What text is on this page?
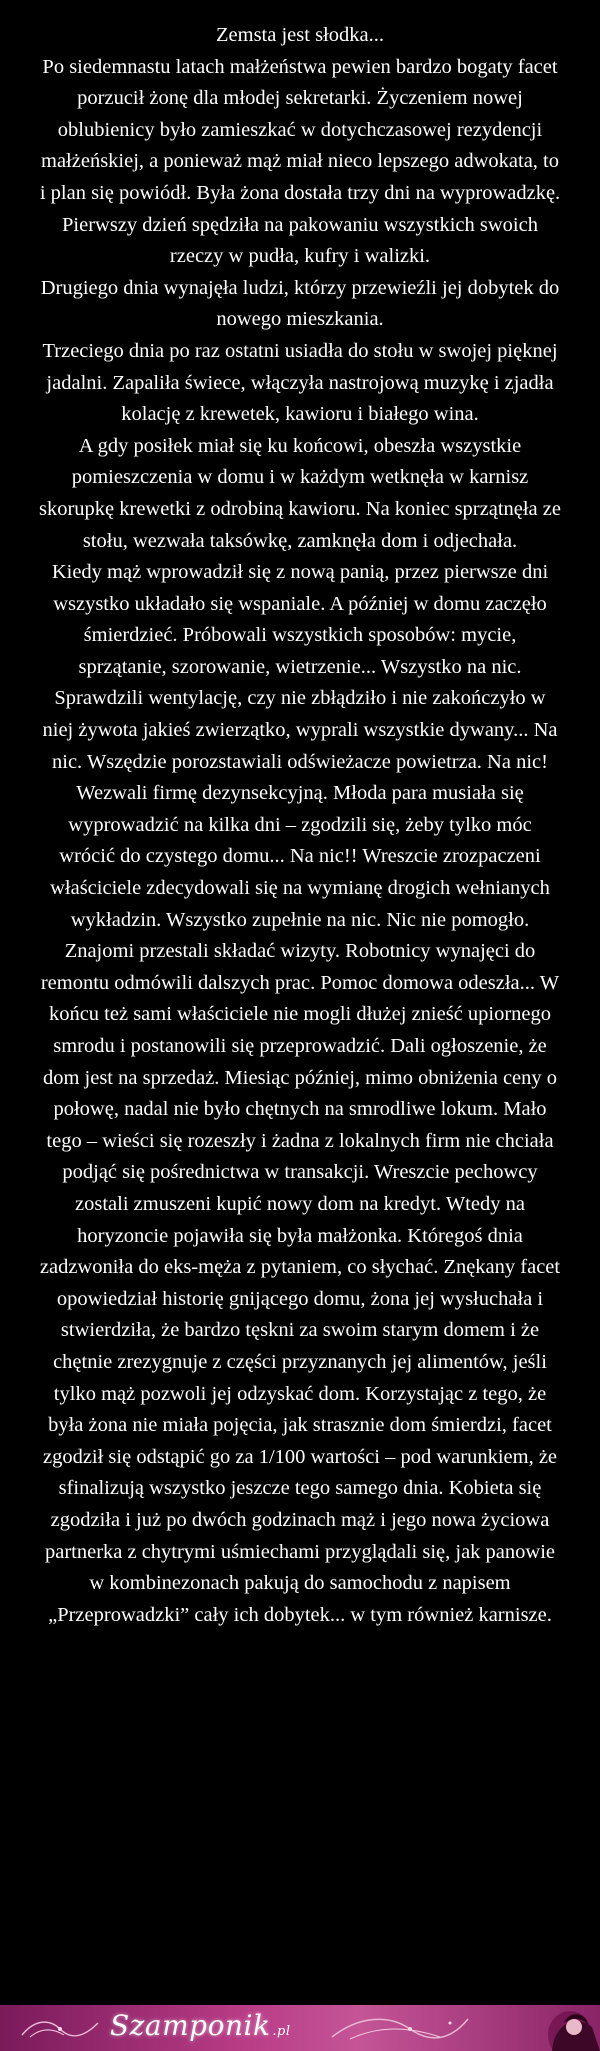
Zemsta jest słodka...

Po siedemnastu latach małżeństwa pewien bardzo bogaty facet porzucił żonę dla młodej sekretarki. Życzeniem nowej oblubienicy było zamieszkać w dotychczasowej rezydencji małżeńskiej, a ponieważ mąż miał nieco lepszego adwokata, to i plan się powiódł. Była żona dostała trzy dni na wyprowadzkę.

Pierwszy dzień spędziła na pakowaniu wszystkich swoich rzeczy w pudła, kufry i walizki.

Drugiego dnia wynajęła ludzi, którzy przewieźli jej dobytek do nowego mieszkania.

Trzeciego dnia po raz ostatni usiadła do stołu w swojej pięknej jadalni. Zapaliła świece, włączyła nastrojową muzykę i zjadła kolację z krewetek, kawioru i białego wina.

A gdy posiłek miał się ku końcowi, obeszła wszystkie pomieszczenia w domu i w każdym wetknęła w karnisz skorupkę krewetki z odrobiną kawioru. Na koniec sprzątnęła ze stołu, wezwała taksówkę, zamknęła dom i odjechała.

Kiedy mąż wprowadził się z nową panią, przez pierwsze dni wszystko układało się wspaniale. A później w domu zaczęło śmierdzieć. Próbowali wszystkich sposobów: mycie, sprzątanie, szorowanie, wietrzenie... Wszystko na nic. Sprawdzili wentylację, czy nie zbłądziło i nie zakończyło w niej żywota jakieś zwierzątko, wyprali wszystkie dywany... Na nic. Wszędzie porozstawiali odświeżacze powietrza. Na nic! Wezwali firmę dezynsekcyjną. Młoda para musiała się wyprowadzić na kilka dni – zgodzili się, żeby tylko móc wrócić do czystego domu... Na nic!! Wreszcie zrozpaczeni właściciele zdecydowali się na wymianę drogich wełnianych wykładzin. Wszystko zupełnie na nic. Nic nie pomogło. Znajomi przestali składać wizyty. Robotnicy wynajęci do remontu odmówili dalszych prac. Pomoc domowa odeszła... W końcu też sami właściciele nie mogli dłużej znieść upiornego smrodu i postanowili się przeprowadzić. Dali ogłoszenie, że dom jest na sprzedaż. Miesiąc później, mimo obniżenia ceny o połowę, nadal nie było chętnych na smrodliwe lokum. Mało tego – wieści się rozeszły i żadna z lokalnych firm nie chciała podjąć się pośrednictwa w transakcji. Wreszcie pechowcy zostali zmuszeni kupić nowy dom na kredyt. Wtedy na horyzoncie pojawiła się była małżonka. Któregoś dnia zadzwoniła do eks-męża z pytaniem, co słychać. Znękany facet opowiedział historię gnijącego domu, żona jej wysłuchała i stwierdziła, że bardzo tęskni za swoim starym domem i że chętnie zrezygnuje z części przyznanych jej alimentów, jeśli tylko mąż pozwoli jej odzyskać dom. Korzystając z tego, że była żona nie miała pojęcia, jak strasznie dom śmierdzi, facet zgodził się odstąpić go za 1/100 wartości – pod warunkiem, że sfinalizują wszystko jeszcze tego samego dnia. Kobieta się zgodziła i już po dwóch godzinach mąż i jego nowa życiowa partnerka z chytrymi uśmiechami przyglądali się, jak panowie w kombinezonach pakują do samochodu z napisem „Przeprowadzki” cały ich dobytek... w tym również karnisze.

Szamponik .pl
